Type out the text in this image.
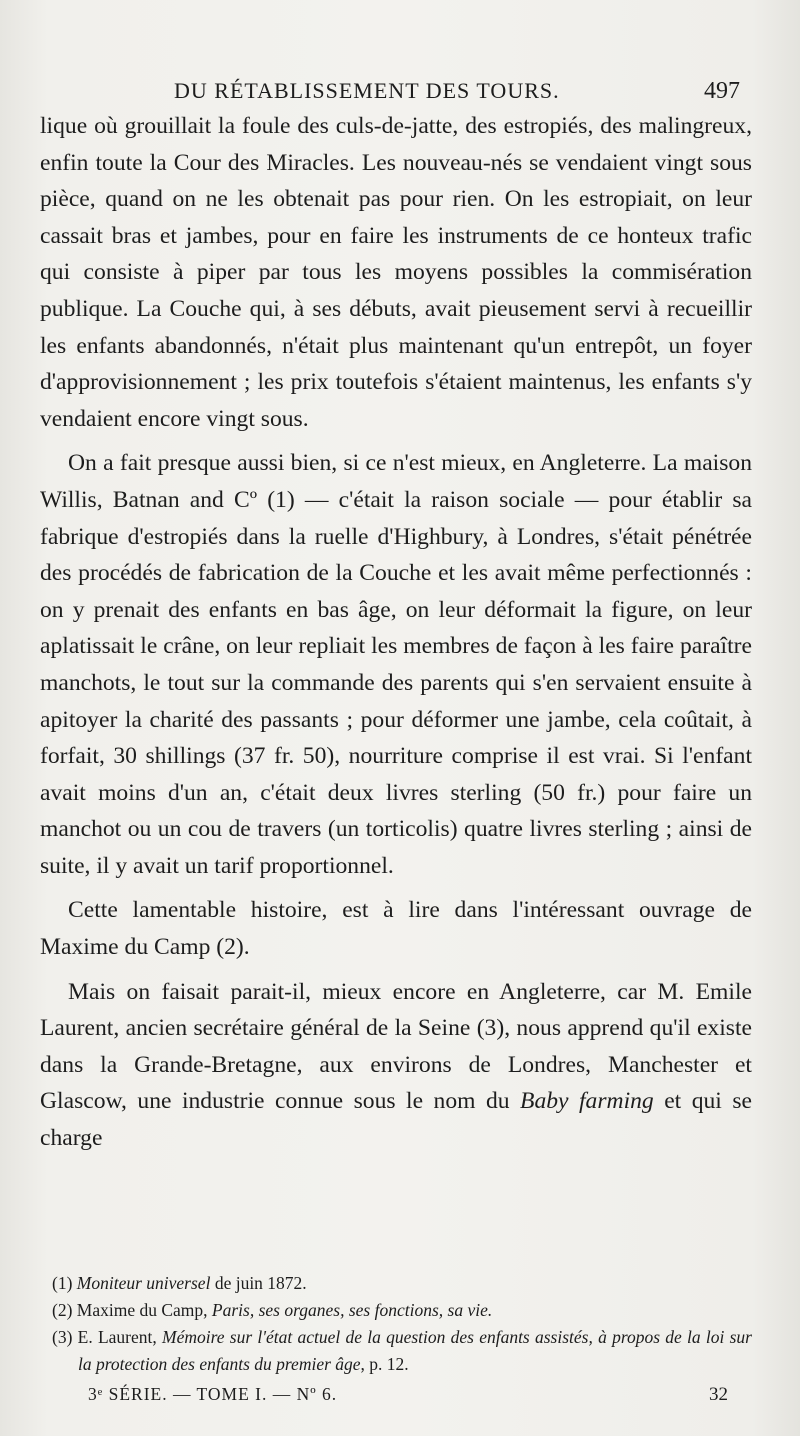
DU RÉTABLISSEMENT DES TOURS.	497

lique où grouillait la foule des culs-de-jatte, des estropiés, des malingreux, enfin toute la Cour des Miracles. Les nouveau-nés se vendaient vingt sous pièce, quand on ne les obtenait pas pour rien. On les estropiait, on leur cassait bras et jambes, pour en faire les instruments de ce honteux trafic qui consiste à piper par tous les moyens possibles la commisération publique. La Couche qui, à ses débuts, avait pieusement servi à recueillir les enfants abandonnés, n'était plus maintenant qu'un entrepôt, un foyer d'approvisionnement ; les prix toutefois s'étaient maintenus, les enfants s'y vendaient encore vingt sous.

On a fait presque aussi bien, si ce n'est mieux, en Angleterre. La maison Willis, Batnan and Cº (1) — c'était la raison sociale — pour établir sa fabrique d'estropiés dans la ruelle d'Highbury, à Londres, s'était pénétrée des procédés de fabrication de la Couche et les avait même perfectionnés : on y prenait des enfants en bas âge, on leur déformait la figure, on leur aplatissait le crâne, on leur repliait les membres de façon à les faire paraître manchots, le tout sur la commande des parents qui s'en servaient ensuite à apitoyer la charité des passants ; pour déformer une jambe, cela coûtait, à forfait, 30 shillings (37 fr. 50), nourriture comprise il est vrai. Si l'enfant avait moins d'un an, c'était deux livres sterling (50 fr.) pour faire un manchot ou un cou de travers (un torticolis) quatre livres sterling ; ainsi de suite, il y avait un tarif proportionnel.

Cette lamentable histoire, est à lire dans l'intéressant ouvrage de Maxime du Camp (2).

Mais on faisait parait-il, mieux encore en Angleterre, car M. Emile Laurent, ancien secrétaire général de la Seine (3), nous apprend qu'il existe dans la Grande-Bretagne, aux environs de Londres, Manchester et Glascow, une industrie connue sous le nom du Baby farming et qui se charge

(1) Moniteur universel de juin 1872.

(2) Maxime du Camp, Paris, ses organes, ses fonctions, sa vie.

(3) E. Laurent, Mémoire sur l'état actuel de la question des enfants assistés, à propos de la loi sur la protection des enfants du premier âge, p. 12.

3ᵉ SÉRIE. — TOME I. — Nº 6.	32
